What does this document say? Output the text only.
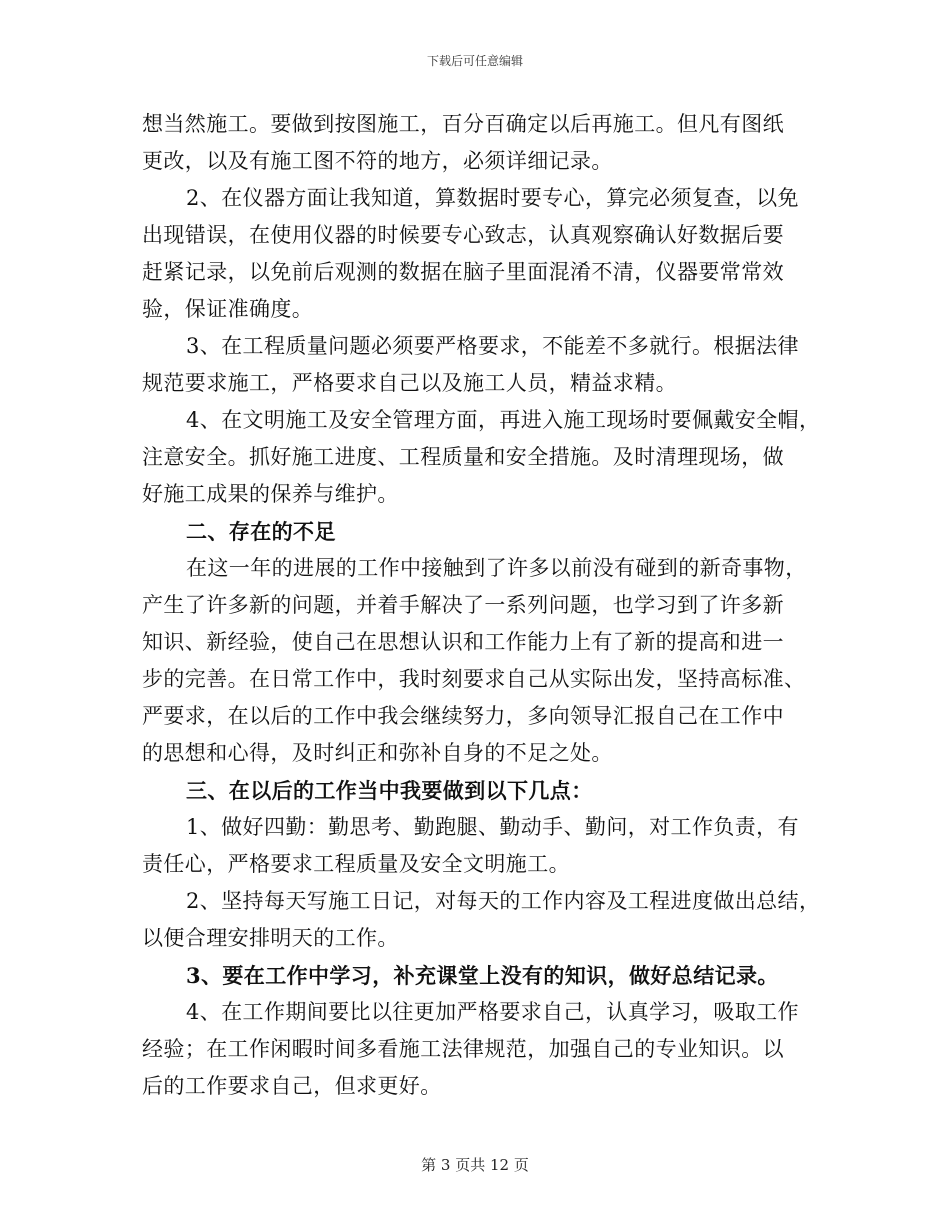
下载后可任意编辑
想当然施工。要做到按图施工，百分百确定以后再施工。但凡有图纸
更改，以及有施工图不符的地方，必须详细记录。
2、在仪器方面让我知道，算数据时要专心，算完必须复查，以免
出现错误，在使用仪器的时候要专心致志，认真观察确认好数据后要
赶紧记录，以免前后观测的数据在脑子里面混淆不清，仪器要常常效
验，保证准确度。
3、在工程质量问题必须要严格要求，不能差不多就行。根据法律
规范要求施工，严格要求自己以及施工人员，精益求精。
4、在文明施工及安全管理方面，再进入施工现场时要佩戴安全帽，
注意安全。抓好施工进度、工程质量和安全措施。及时清理现场，做
好施工成果的保养与维护。
二、存在的不足
在这一年的进展的工作中接触到了许多以前没有碰到的新奇事物，
产生了许多新的问题，并着手解决了一系列问题，也学习到了许多新
知识、新经验，使自己在思想认识和工作能力上有了新的提高和进一
步的完善。在日常工作中，我时刻要求自己从实际出发，坚持高标准、
严要求，在以后的工作中我会继续努力，多向领导汇报自己在工作中
的思想和心得，及时纠正和弥补自身的不足之处。
三、在以后的工作当中我要做到以下几点：
1、做好四勤：勤思考、勤跑腿、勤动手、勤问，对工作负责，有
责任心，严格要求工程质量及安全文明施工。
2、坚持每天写施工日记，对每天的工作内容及工程进度做出总结，
以便合理安排明天的工作。
3、要在工作中学习，补充课堂上没有的知识，做好总结记录。
4、在工作期间要比以往更加严格要求自己，认真学习，吸取工作
经验；在工作闲暇时间多看施工法律规范，加强自己的专业知识。以
后的工作要求自己，但求更好。
第 3 页共 12 页
